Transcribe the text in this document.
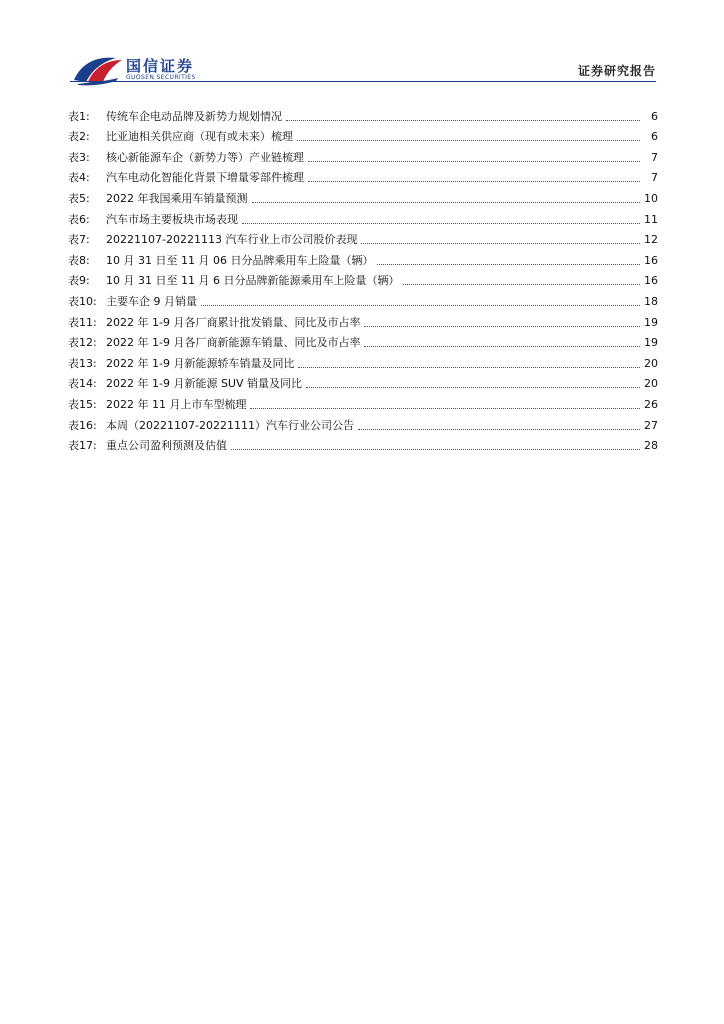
国信证券
GUOSEN SECURITIES	证券研究报告
表1:	传统车企电动品牌及新势力规划情况	6
表2:	比亚迪相关供应商（现有或未来）梳理	6
表3:	核心新能源车企（新势力等）产业链梳理	7
表4:	汽车电动化智能化背景下增量零部件梳理	7
表5:	2022 年我国乘用车销量预测	10
表6:	汽车市场主要板块市场表现	11
表7:	20221107-20221113 汽车行业上市公司股价表现	12
表8:	10 月 31 日至 11 月 06 日分品牌乘用车上险量（辆）	16
表9:	10 月 31 日至 11 月 6 日分品牌新能源乘用车上险量（辆）	16
表10: 主要车企 9 月销量	18
表11: 2022 年 1-9 月各厂商累计批发销量、同比及市占率	19
表12: 2022 年 1-9 月各厂商新能源车销量、同比及市占率	19
表13: 2022 年 1-9 月新能源轿车销量及同比	20
表14: 2022 年 1-9 月新能源 SUV 销量及同比	20
表15: 2022 年 11 月上市车型梳理	26
表16: 本周（20221107-20221111）汽车行业公司公告	27
表17: 重点公司盈利预测及估值	28
